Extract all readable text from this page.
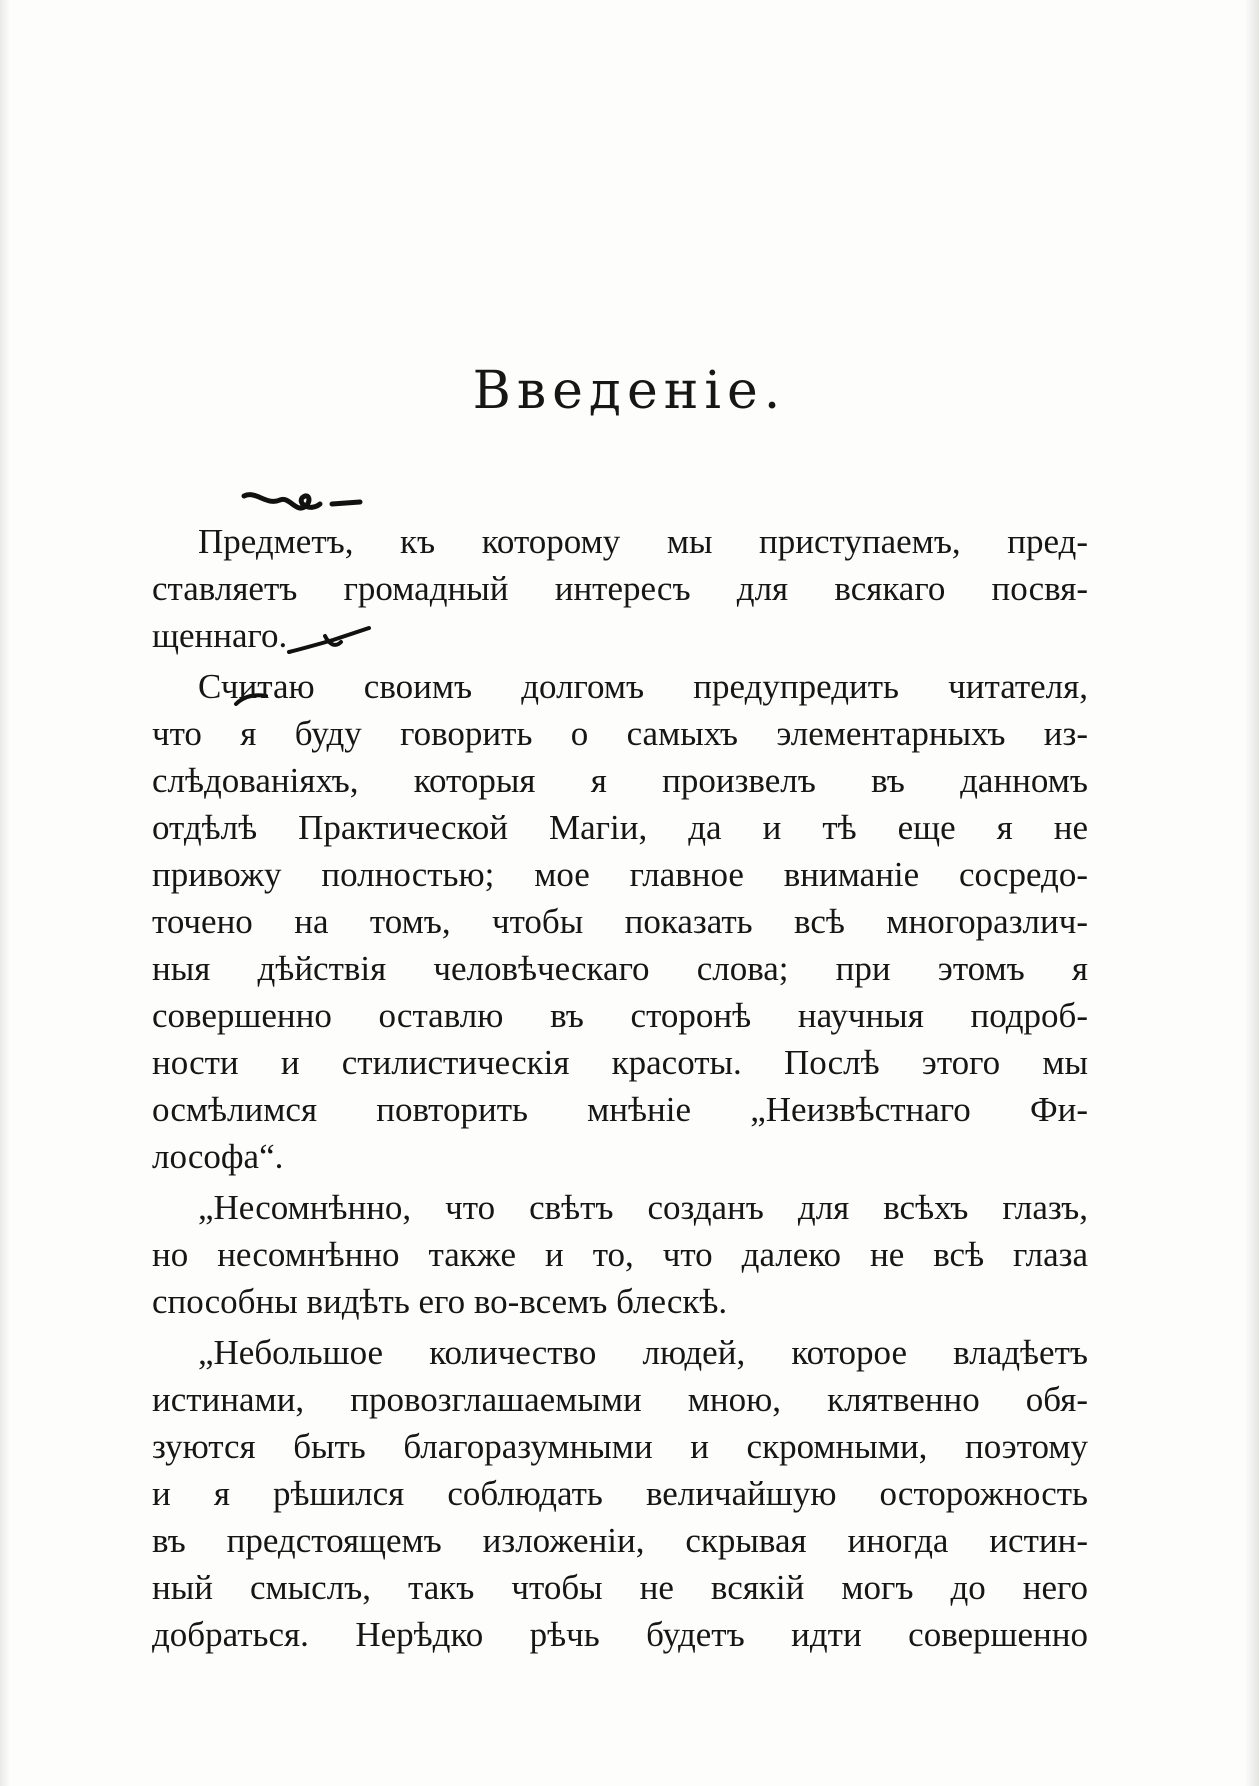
Введеніе.
Предметъ, къ которому мы приступаемъ, пред-
ставляетъ громадный интересъ для всякаго посвя-
щеннаго.
Считаю своимъ долгомъ предупредить читателя,
что я буду говорить о самыхъ элементарныхъ из-
слѣдованіяхъ, которыя я произвелъ въ данномъ
отдѣлѣ Практической Магіи, да и тѣ еще я не
привожу полностью; мое главное вниманіе сосредо-
точено на томъ, чтобы показать всѣ многоразлич-
ныя дѣйствія человѣческаго слова; при этомъ я
совершенно оставлю въ сторонѣ научныя подроб-
ности и стилистическія красоты. Послѣ этого мы
осмѣлимся повторить мнѣніе „Неизвѣстнаго Фи-
лософа“.
„Несомнѣнно, что свѣтъ созданъ для всѣхъ глазъ,
но несомнѣнно также и то, что далеко не всѣ глаза
способны видѣть его во-всемъ блескѣ.
„Небольшое количество людей, которое владѣетъ
истинами, провозглашаемыми мною, клятвенно обя-
зуются быть благоразумными и скромными, поэтому
и я рѣшился соблюдать величайшую осторожность
въ предстоящемъ изложеніи, скрывая иногда истин-
ный смыслъ, такъ чтобы не всякій могъ до него
добраться. Нерѣдко рѣчь будетъ идти совершенно
